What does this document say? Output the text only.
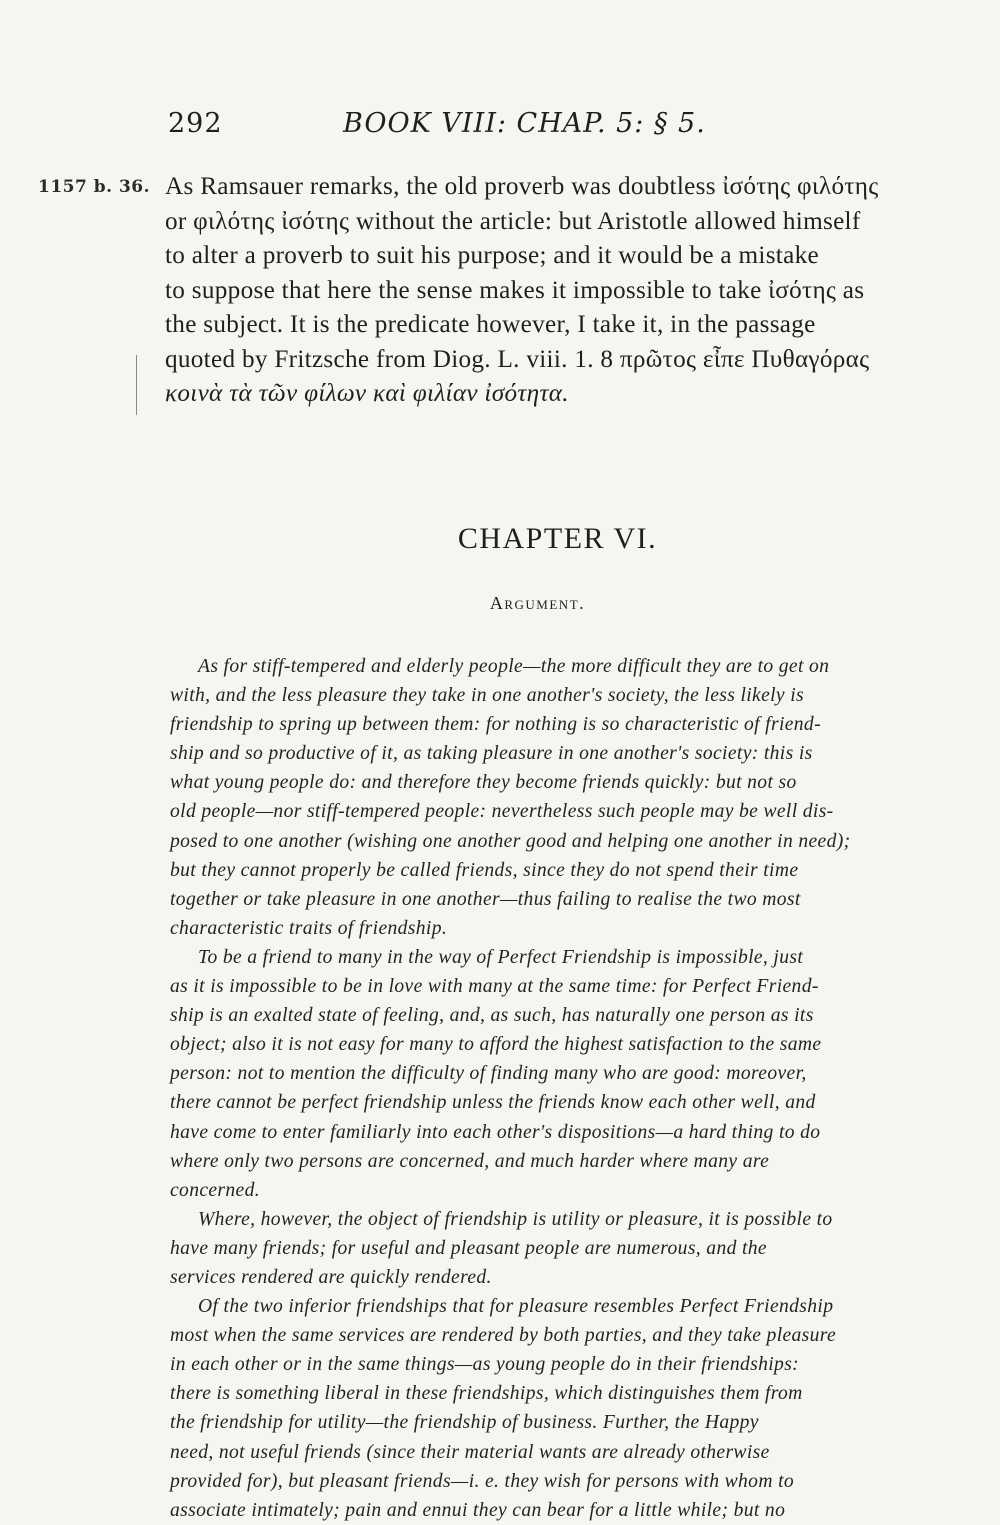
292	BOOK VIII: CHAP. 5: § 5.
1157 b. 36. As Ramsauer remarks, the old proverb was doubtless ἰσότης φιλότης
or φιλότης ἰσότης without the article: but Aristotle allowed himself
to alter a proverb to suit his purpose; and it would be a mistake
to suppose that here the sense makes it impossible to take ἰσότης as
the subject. It is the predicate however, I take it, in the passage
quoted by Fritzsche from Diog. L. viii. 1. 8 πρῶτος εἶπε Πυθαγόρας
κοινὰ τὰ τῶν φίλων καὶ φιλίαν ἰσότητα.
CHAPTER VI.
Argument.

As for stiff-tempered and elderly people—the more difficult they are to get on
with, and the less pleasure they take in one another's society, the less likely is
friendship to spring up between them: for nothing is so characteristic of friend-
ship and so productive of it, as taking pleasure in one another's society: this is
what young people do: and therefore they become friends quickly: but not so
old people—nor stiff-tempered people: nevertheless such people may be well dis-
posed to one another (wishing one another good and helping one another in need);
but they cannot properly be called friends, since they do not spend their time
together or take pleasure in one another—thus failing to realise the two most
characteristic traits of friendship.

To be a friend to many in the way of Perfect Friendship is impossible, just
as it is impossible to be in love with many at the same time: for Perfect Friend-
ship is an exalted state of feeling, and, as such, has naturally one person as its
object; also it is not easy for many to afford the highest satisfaction to the same
person: not to mention the difficulty of finding many who are good: moreover,
there cannot be perfect friendship unless the friends know each other well, and
have come to enter familiarly into each other's dispositions—a hard thing to do
where only two persons are concerned, and much harder where many are
concerned.

Where, however, the object of friendship is utility or pleasure, it is possible to
have many friends; for useful and pleasant people are numerous, and the
services rendered are quickly rendered.

Of the two inferior friendships that for pleasure resembles Perfect Friendship
most when the same services are rendered by both parties, and they take pleasure
in each other or in the same things—as young people do in their friendships:
there is something liberal in these friendships, which distinguishes them from
the friendship for utility—the friendship of business. Further, the Happy
need, not useful friends (since their material wants are already otherwise
provided for), but pleasant friends—i. e. they wish for persons with whom to
associate intimately; pain and ennui they can bear for a little while; but no
